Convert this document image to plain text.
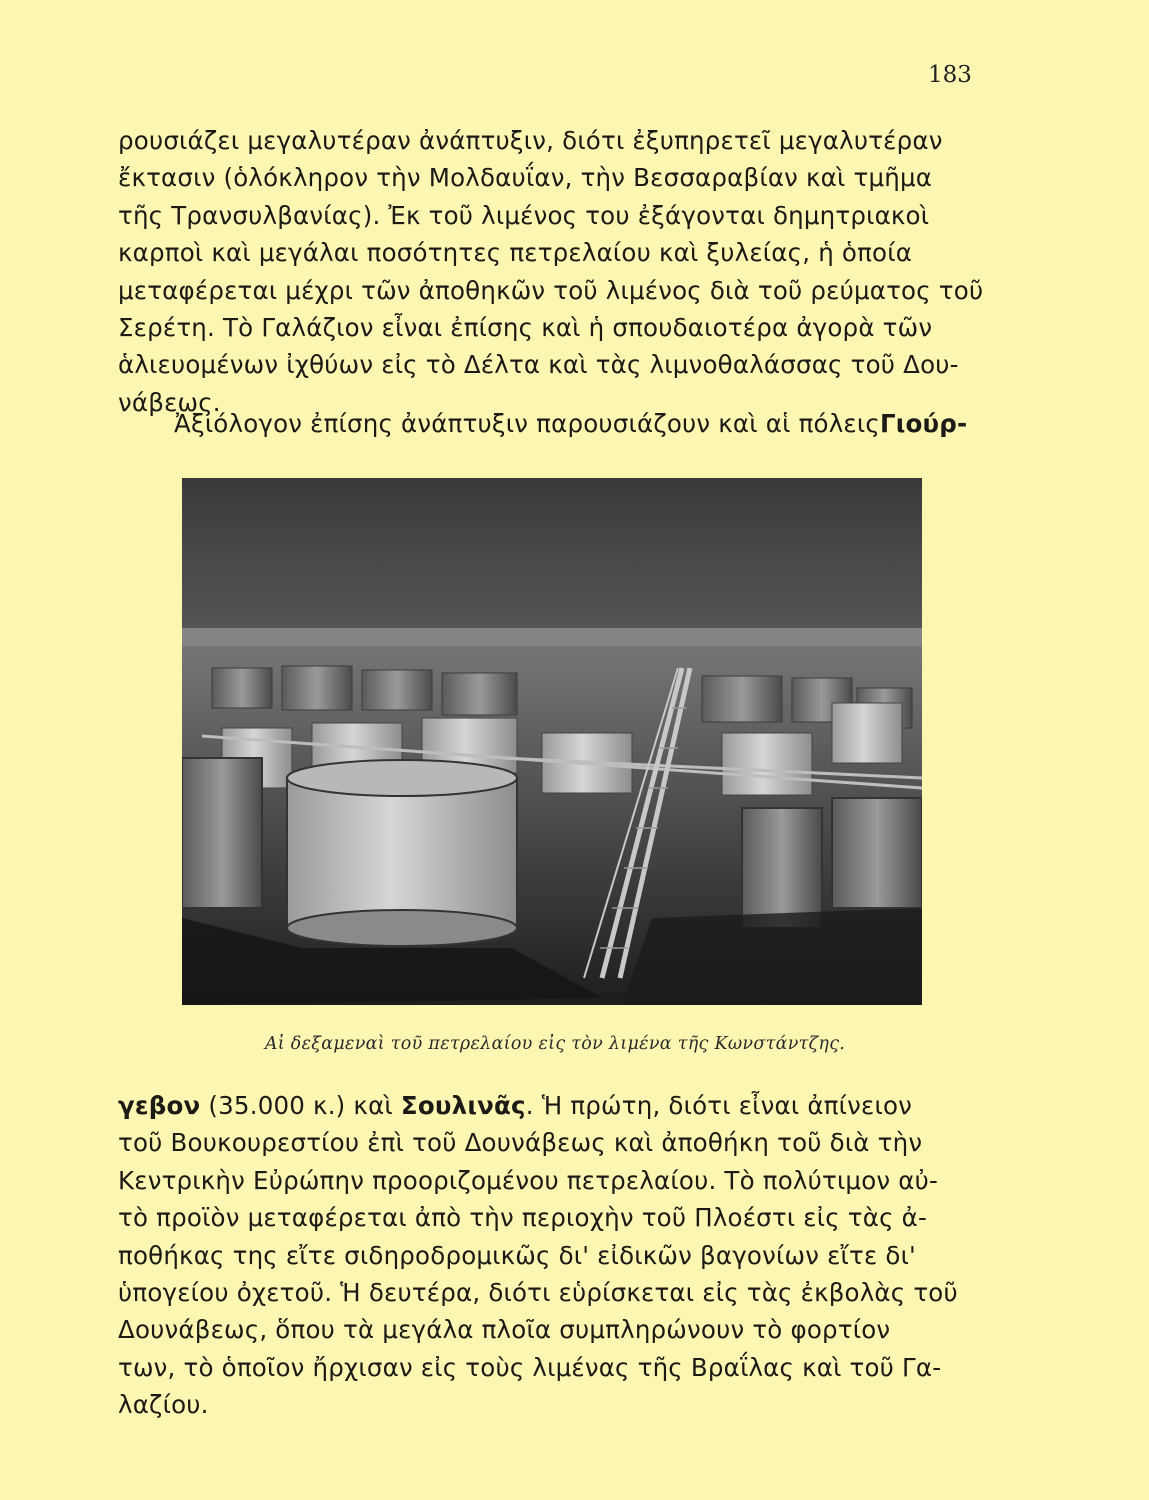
183
ρουσιάζει μεγαλυτέραν ἀνάπτυξιν, διότι ἐξυπηρετεῖ μεγαλυτέραν
ἔκτασιν (ὁλόκληρον τὴν Μολδαυΐαν, τὴν Βεσσαραβίαν καὶ τμῆμα
τῆς Τρανσυλβανίας). Ἐκ τοῦ λιμένος του ἐξάγονται δημητριακοὶ
καρποὶ καὶ μεγάλαι ποσότητες πετρελαίου καὶ ξυλείας, ἡ ὁποία
μεταφέρεται μέχρι τῶν ἀποθηκῶν τοῦ λιμένος διὰ τοῦ ρεύματος τοῦ
Σερέτη. Τὸ Γαλάζιον εἶναι ἐπίσης καὶ ἡ σπουδαιοτέρα ἀγορὰ τῶν
ἁλιευομένων ἰχθύων εἰς τὸ Δέλτα καὶ τὰς λιμνοθαλάσσας τοῦ Δου-
νάβεως.
Ἀξιόλογον ἐπίσης ἀνάπτυξιν παρουσιάζουν καὶ αἱ πόλειςΓιούρ-
Αἱ δεξαμεναὶ τοῦ πετρελαίου εἰς τὸν λιμένα τῆς Κωνστάντζης.
γεβον (35.000 κ.) καὶ Σουλινᾶς. Ἡ πρώτη, διότι εἶναι ἀπίνειον
τοῦ Βουκουρεστίου ἐπὶ τοῦ Δουνάβεως καὶ ἀποθήκη τοῦ διὰ τὴν
Κεντρικὴν Εὐρώπην προοριζομένου πετρελαίου. Τὸ πολύτιμον αὐ-
τὸ προϊὸν μεταφέρεται ἀπὸ τὴν περιοχὴν τοῦ Πλοέστι εἰς τὰς ἀ-
ποθήκας της εἴτε σιδηροδρομικῶς δι' εἰδικῶν βαγονίων εἴτε δι'
ὑπογείου ὀχετοῦ. Ἡ δευτέρα, διότι εὑρίσκεται εἰς τὰς ἐκβολὰς τοῦ
Δουνάβεως, ὅπου τὰ μεγάλα πλοῖα συμπληρώνουν τὸ φορτίον
των, τὸ ὁποῖον ἤρχισαν εἰς τοὺς λιμένας τῆς Βραΐλας καὶ τοῦ Γα-
λαζίου.
